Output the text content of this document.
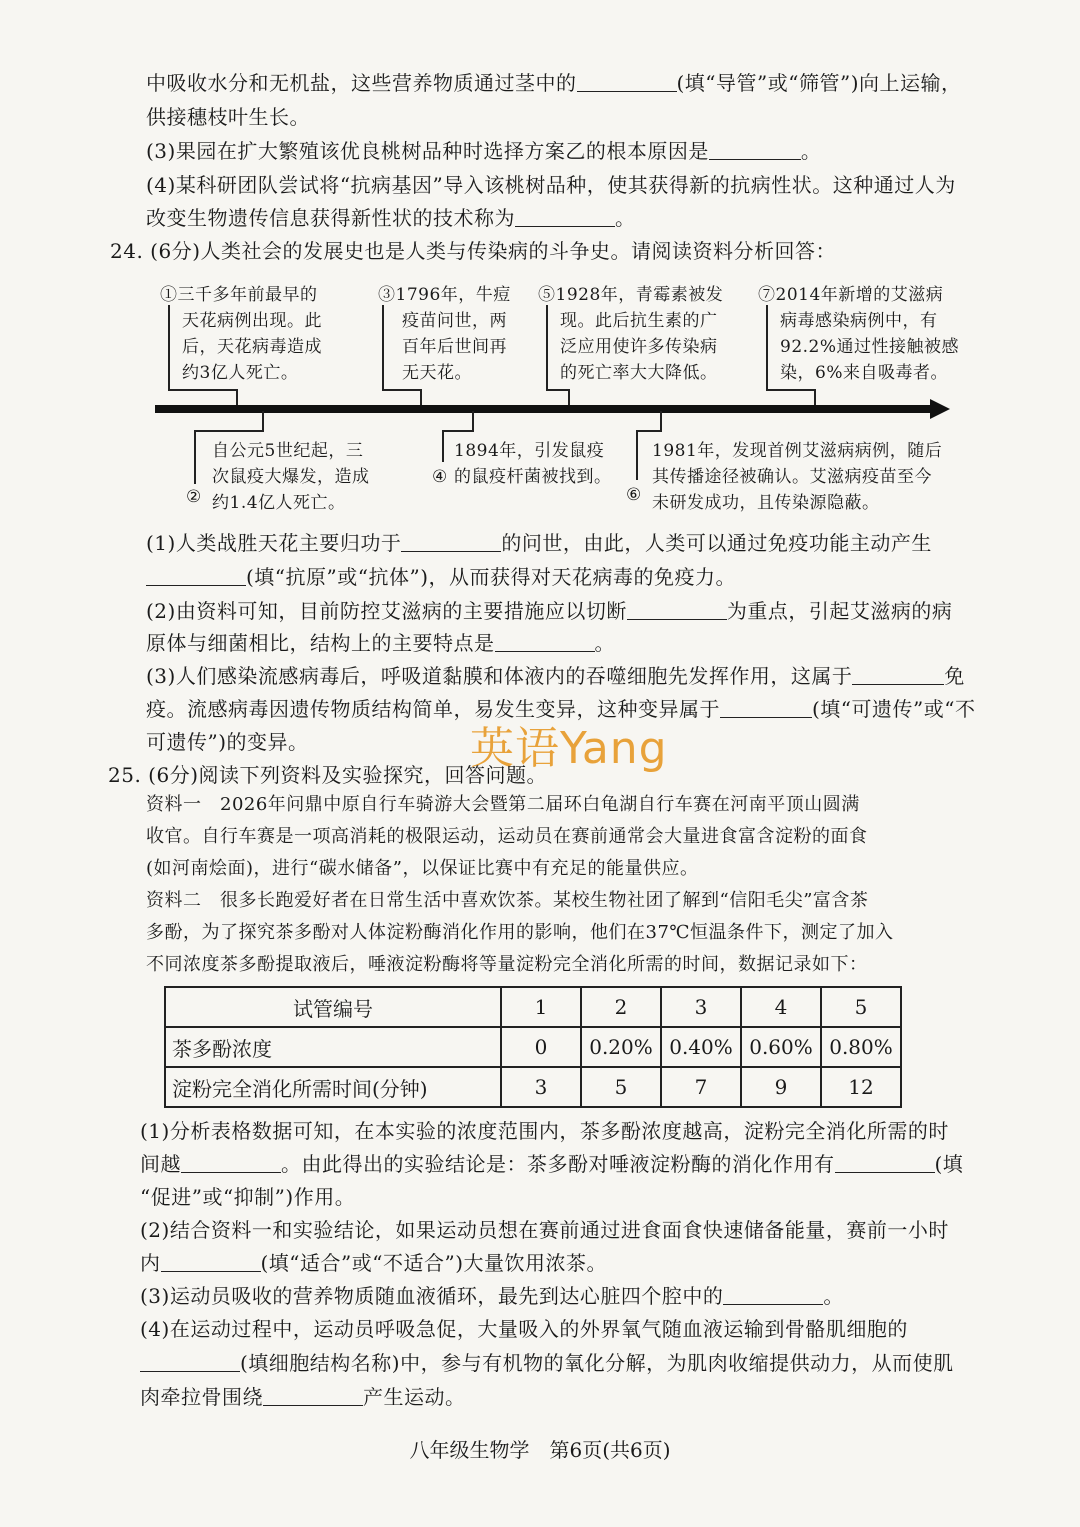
中吸收水分和无机盐，这些营养物质通过茎中的	(填“导管”或“筛管”)向上运输，
供接穗枝叶生长。
(3)果园在扩大繁殖该优良桃树品种时选择方案乙的根本原因是	。
(4)某科研团队尝试将“抗病基因”导入该桃树品种，使其获得新的抗病性状。这种通过人为
改变生物遗传信息获得新性状的技术称为	。
24. (6分)人类社会的发展史也是人类与传染病的斗争史。请阅读资料分析回答：
①三千多年前最早的
天花病例出现。此
后，天花病毒造成
约3亿人死亡。
③1796年，牛痘
疫苗问世，两
百年后世间再
无天花。
⑤1928年，青霉素被发
现。此后抗生素的广
泛应用使许多传染病
的死亡率大大降低。
⑦2014年新增的艾滋病
病毒感染病例中，有
92.2%通过性接触被感
染，6%来自吸毒者。
②
自公元5世纪起，三
次鼠疫大爆发，造成
约1.4亿人死亡。
④
1894年，引发鼠疫
的鼠疫杆菌被找到。
⑥
1981年，发现首例艾滋病病例，随后
其传播途径被确认。艾滋病疫苗至今
未研发成功，且传染源隐蔽。
(1)人类战胜天花主要归功于	的问世，由此，人类可以通过免疫功能主动产生
(填“抗原”或“抗体”)，从而获得对天花病毒的免疫力。
(2)由资料可知，目前防控艾滋病的主要措施应以切断	为重点，引起艾滋病的病
原体与细菌相比，结构上的主要特点是	。
(3)人们感染流感病毒后，呼吸道黏膜和体液内的吞噬细胞先发挥作用，这属于	免
疫。流感病毒因遗传物质结构简单，易发生变异，这种变异属于	(填“可遗传”或“不
可遗传”)的变异。	英语Yang
25. (6分)阅读下列资料及实验探究，回答问题。
资料一　2026年问鼎中原自行车骑游大会暨第二届环白龟湖自行车赛在河南平顶山圆满
收官。自行车赛是一项高消耗的极限运动，运动员在赛前通常会大量进食富含淀粉的面食
(如河南烩面)，进行“碳水储备”，以保证比赛中有充足的能量供应。
资料二　很多长跑爱好者在日常生活中喜欢饮茶。某校生物社团了解到“信阳毛尖”富含茶
多酚，为了探究茶多酚对人体淀粉酶消化作用的影响，他们在37℃恒温条件下，测定了加入
不同浓度茶多酚提取液后，唾液淀粉酶将等量淀粉完全消化所需的时间，数据记录如下：
试管编号	1	2	3	4	5
茶多酚浓度	0	0.20%	0.40%	0.60%	0.80%
淀粉完全消化所需时间(分钟)	3	5	7	9	12
(1)分析表格数据可知，在本实验的浓度范围内，茶多酚浓度越高，淀粉完全消化所需的时
间越	。由此得出的实验结论是：茶多酚对唾液淀粉酶的消化作用有	(填
“促进”或“抑制”)作用。
(2)结合资料一和实验结论，如果运动员想在赛前通过进食面食快速储备能量，赛前一小时
内	(填“适合”或“不适合”)大量饮用浓茶。
(3)运动员吸收的营养物质随血液循环，最先到达心脏四个腔中的	。
(4)在运动过程中，运动员呼吸急促，大量吸入的外界氧气随血液运输到骨骼肌细胞的
(填细胞结构名称)中，参与有机物的氧化分解，为肌肉收缩提供动力，从而使肌
肉牵拉骨围绕	产生运动。
八年级生物学　第6页(共6页)
